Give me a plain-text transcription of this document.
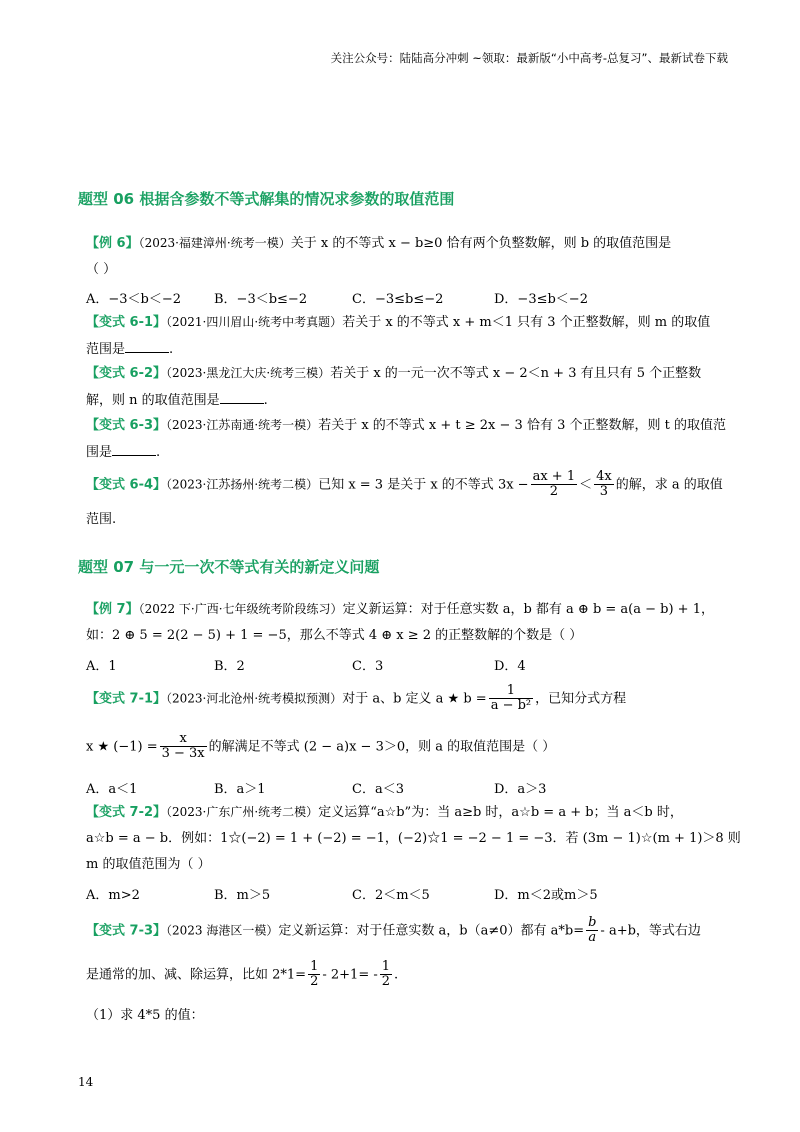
关注公众号：陆陆高分冲刺 ~领取：最新版“小中高考-总复习”、最新试卷下载
题型 06 根据含参数不等式解集的情况求参数的取值范围
【例 6】（2023·福建漳州·统考一模）关于 x 的不等式 x − b≥0 恰有两个负整数解，则 b 的取值范围是
（ ）
A．−3＜b＜−2	B．−3＜b≤−2	C．−3≤b≤−2	D．−3≤b＜−2
【变式 6-1】（2021·四川眉山·统考中考真题）若关于 x 的不等式 x + m＜1 只有 3 个正整数解，则 m 的取值
范围是	.
【变式 6-2】（2023·黑龙江大庆·统考三模）若关于 x 的一元一次不等式 x − 2＜n + 3 有且只有 5 个正整数
解，则 n 的取值范围是	.
【变式 6-3】（2023·江苏南通·统考一模）若关于 x 的不等式 x + t ≥ 2x − 3 恰有 3 个正整数解，则 t 的取值范
围是	.
【变式 6-4】（2023·江苏扬州·统考二模）已知 x = 3 是关于 x 的不等式 $3x - \frac{ax + 1}{2} < \frac{4x}{3}$ 的解，求 a 的取值
范围.
题型 07 与一元一次不等式有关的新定义问题
【例 7】（2022 下·广西·七年级统考阶段练习）定义新运算：对于任意实数 a，b 都有 a ⊕ b = a(a − b) + 1，
如：2 ⊕ 5 = 2(2 − 5) + 1 = −5，那么不等式 4 ⊕ x ≥ 2 的正整数解的个数是（ ）
A．1	B．2	C．3	D．4
【变式 7-1】（2023·河北沧州·统考模拟预测）对于 a、b 定义 a ★ $b = \frac{1}{\text{a − b²}}$ ，已知分式方程
x ★ $(-1) = \frac{x}{3 - 3x}$ 的解满足不等式 (2 − a)x − 3＞0，则 a 的取值范围是（ ）
A．a＜1	B．a＞1	C．a＜3	D．a＞3
【变式 7-2】（2023·广东广州·统考二模）定义运算“a☆b”为：当 a≥b 时，a☆b = a + b；当 a＜b 时，
a☆b = a − b．例如：1☆(−2) = 1 + (−2) = −1，(−2)☆1 = −2 − 1 = −3．若 (3m − 1)☆(m + 1)＞8 则
m 的取值范围为（ ）
A．m>2	B．m＞5	C．2＜m＜5	D．m＜2或m＞5
【变式 7-3】（2023 海港区一模）定义新运算：对于任意实数 a，b（a≠0）都有 $a*b= \frac{b}{a} - a+b$，等式右边
是通常的加、减、除运算，比如 $2*1= \frac{1}{2} - 2+1= - \frac{1}{2}$ .
（1）求 4*5 的值：
14
